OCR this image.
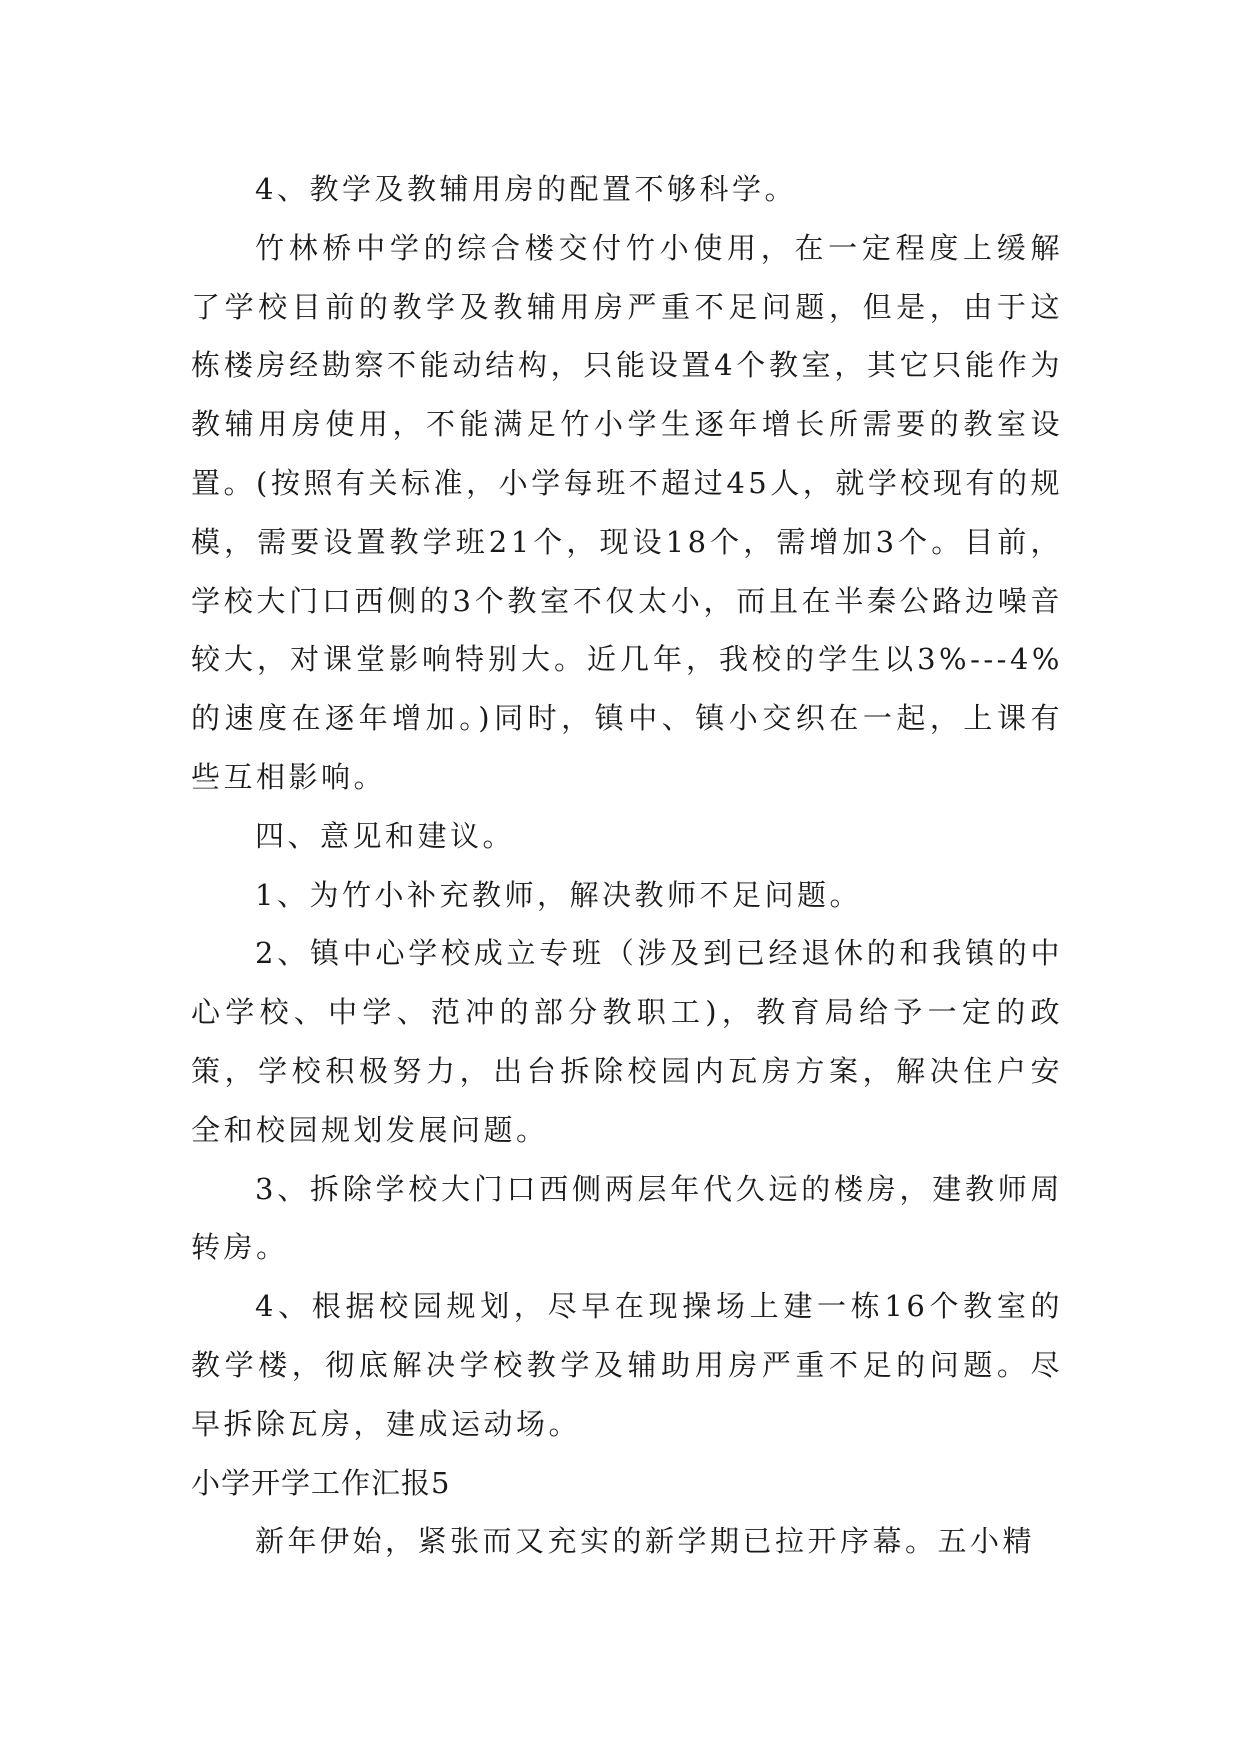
4、教学及教辅用房的配置不够科学。

竹林桥中学的综合楼交付竹小使用，在一定程度上缓解了学校目前的教学及教辅用房严重不足问题，但是，由于这栋楼房经勘察不能动结构，只能设置4个教室，其它只能作为教辅用房使用，不能满足竹小学生逐年增长所需要的教室设置。(按照有关标准，小学每班不超过45人，就学校现有的规模，需要设置教学班21个，现设18个，需增加3个。目前，学校大门口西侧的3个教室不仅太小，而且在半秦公路边噪音较大，对课堂影响特别大。近几年，我校的学生以3%---4%的速度在逐年增加。)同时，镇中、镇小交织在一起，上课有些互相影响。

四、意见和建议。

1、为竹小补充教师，解决教师不足问题。

2、镇中心学校成立专班（涉及到已经退休的和我镇的中心学校、中学、范冲的部分教职工)，教育局给予一定的政策，学校积极努力，出台拆除校园内瓦房方案，解决住户安全和校园规划发展问题。

3、拆除学校大门口西侧两层年代久远的楼房，建教师周转房。

4、根据校园规划，尽早在现操场上建一栋16个教室的教学楼，彻底解决学校教学及辅助用房严重不足的问题。尽早拆除瓦房，建成运动场。

小学开学工作汇报5

新年伊始，紧张而又充实的新学期已拉开序幕。五小精
